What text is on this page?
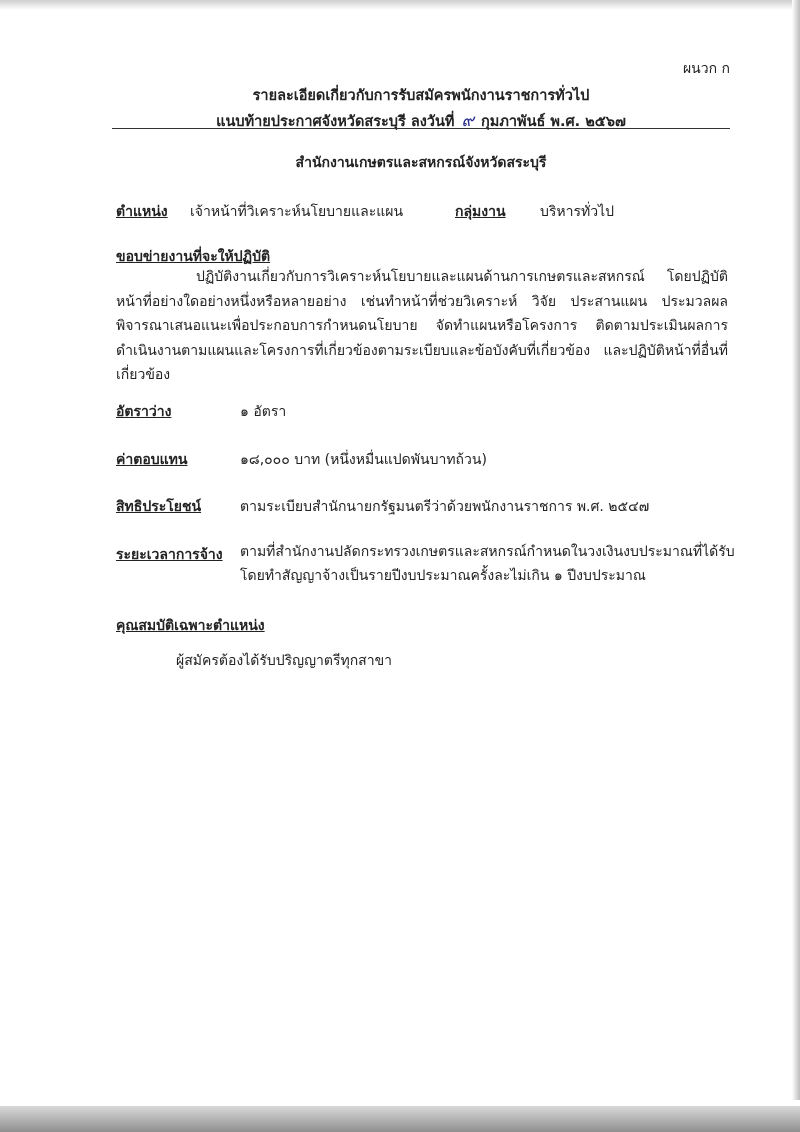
ผนวก ก
รายละเอียดเกี่ยวกับการรับสมัครพนักงานราชการทั่วไป
แนบท้ายประกาศจังหวัดสระบุรี ลงวันที่ ๙ กุมภาพันธ์ พ.ศ. ๒๕๖๗
สำนักงานเกษตรและสหกรณ์จังหวัดสระบุรี
ตำแหน่ง เจ้าหน้าที่วิเคราะห์นโยบายและแผน	กลุ่มงาน บริหารทั่วไป
ขอบข่ายงานที่จะให้ปฏิบัติ
ปฏิบัติงานเกี่ยวกับการวิเคราะห์นโยบายและแผนด้านการเกษตรและสหกรณ์ โดยปฏิบัติหน้าที่อย่างใดอย่างหนึ่งหรือหลายอย่าง เช่นทำหน้าที่ช่วยวิเคราะห์ วิจัย ประสานแผน ประมวลผลพิจารณาเสนอแนะเพื่อประกอบการกำหนดนโยบาย จัดทำแผนหรือโครงการ ติดตามประเมินผลการดำเนินงานตามแผนและโครงการที่เกี่ยวข้องตามระเบียบและข้อบังคับที่เกี่ยวข้อง และปฏิบัติหน้าที่อื่นที่เกี่ยวข้อง
อัตราว่าง	๑ อัตรา
ค่าตอบแทน	๑๘,๐๐๐ บาท (หนึ่งหมื่นแปดพันบาทถ้วน)
สิทธิประโยชน์	ตามระเบียบสำนักนายกรัฐมนตรีว่าด้วยพนักงานราชการ พ.ศ. ๒๕๔๗
ระยะเวลาการจ้าง ตามที่สำนักงานปลัดกระทรวงเกษตรและสหกรณ์กำหนดในวงเงินงบประมาณที่ได้รับ โดยทำสัญญาจ้างเป็นรายปีงบประมาณครั้งละไม่เกิน ๑ ปีงบประมาณ
คุณสมบัติเฉพาะตำแหน่ง
ผู้สมัครต้องได้รับปริญญาตรีทุกสาขา
